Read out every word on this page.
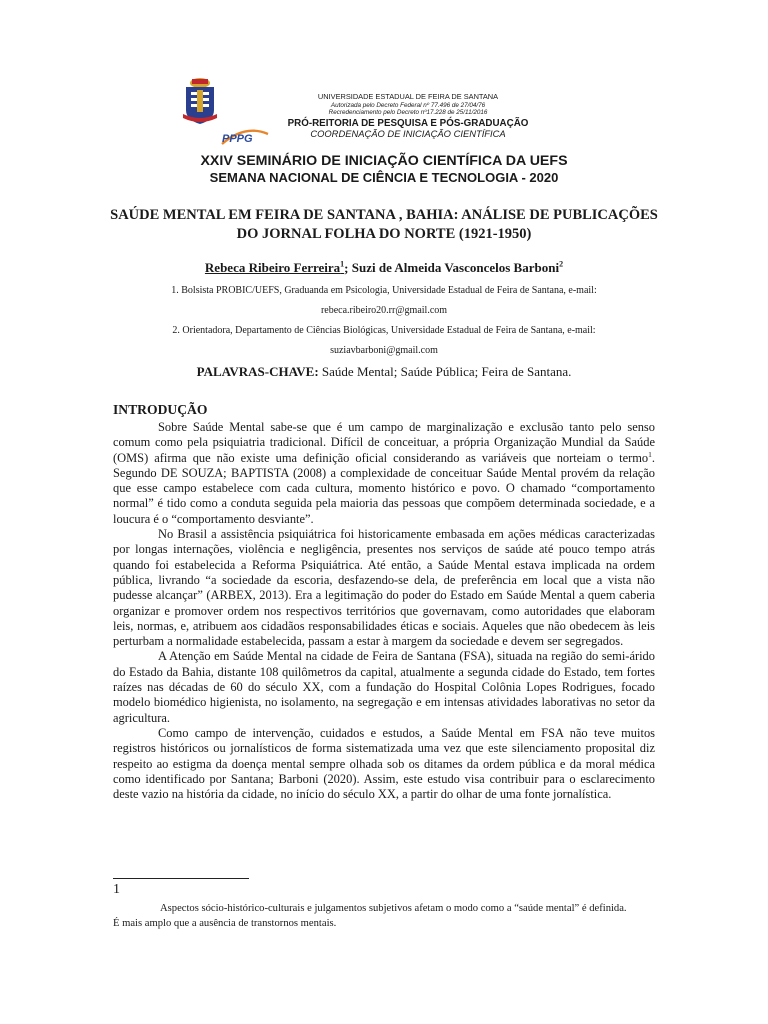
PPPG
UNIVERSIDADE ESTADUAL DE FEIRA DE SANTANA
Autorizada pelo Decreto Federal nº 77.496 de 27/04/76
Recredenciamento pelo Decreto nº17.228 de 25/11/2016
PRÓ-REITORIA DE PESQUISA E PÓS-GRADUAÇÃO
COORDENAÇÃO DE INICIAÇÃO CIENTÍFICA
XXIV SEMINÁRIO DE INICIAÇÃO CIENTÍFICA DA UEFS
SEMANA NACIONAL DE CIÊNCIA E TECNOLOGIA - 2020
SAÚDE MENTAL EM FEIRA DE SANTANA , BAHIA: ANÁLISE DE PUBLICAÇÕES
DO JORNAL FOLHA DO NORTE (1921-1950)
Rebeca Ribeiro Ferreira$^1$; Suzi de Almeida Vasconcelos Barboni$^2$
1. Bolsista PROBIC/UEFS, Graduanda em Psicologia, Universidade Estadual de Feira de Santana, e-mail:
rebeca.ribeiro20.rr@gmail.com
2. Orientadora, Departamento de Ciências Biológicas, Universidade Estadual de Feira de Santana, e-mail:
suziavbarboni@gmail.com
PALAVRAS-CHAVE: Saúde Mental; Saúde Pública; Feira de Santana.
INTRODUÇÃO

Sobre Saúde Mental sabe-se que é um campo de marginalização e exclusão tanto pelo senso comum como pela psiquiatria tradicional. Difícil de conceituar, a própria Organização Mundial da Saúde (OMS) afirma que não existe uma definição oficial considerando as variáveis que norteiam o termo$^1$. Segundo DE SOUZA; BAPTISTA (2008) a complexidade de conceituar Saúde Mental provém da relação que esse campo estabelece com cada cultura, momento histórico e povo. O chamado “comportamento normal” é tido como a conduta seguida pela maioria das pessoas que compõem determinada sociedade, e a loucura é o “comportamento desviante”.

No Brasil a assistência psiquiátrica foi historicamente embasada em ações médicas caracterizadas por longas internações, violência e negligência, presentes nos serviços de saúde até pouco tempo atrás quando foi estabelecida a Reforma Psiquiátrica. Até então, a Saúde Mental estava implicada na ordem pública, livrando “a sociedade da escoria, desfazendo-se dela, de preferência em local que a vista não pudesse alcançar” (ARBEX, 2013). Era a legitimação do poder do Estado em Saúde Mental a quem caberia organizar e promover ordem nos respectivos territórios que governavam, como autoridades que elaboram leis, normas, e, atribuem aos cidadãos responsabilidades éticas e sociais. Aqueles que não obedecem às leis perturbam a normalidade estabelecida, passam a estar à margem da sociedade e devem ser segregados.

A Atenção em Saúde Mental na cidade de Feira de Santana (FSA), situada na região do semi-árido do Estado da Bahia, distante 108 quilômetros da capital, atualmente a segunda cidade do Estado, tem fortes raízes nas décadas de 60 do século XX, com a fundação do Hospital Colônia Lopes Rodrigues, focado modelo biomédico higienista, no isolamento, na segregação e em intensas atividades laborativas no setor da agricultura.

Como campo de intervenção, cuidados e estudos, a Saúde Mental em FSA não teve muitos registros históricos ou jornalísticos de forma sistematizada uma vez que este silenciamento proposital diz respeito ao estigma da doença mental sempre olhada sob os ditames da ordem pública e da moral médica como identificado por Santana; Barboni (2020). Assim, este estudo visa contribuir para o esclarecimento deste vazio na história da cidade, no início do século XX, a partir do olhar de uma fonte jornalística.

1
Aspectos sócio-histórico-culturais e julgamentos subjetivos afetam o modo como a “saúde mental” é definida. É mais amplo que a ausência de transtornos mentais.
